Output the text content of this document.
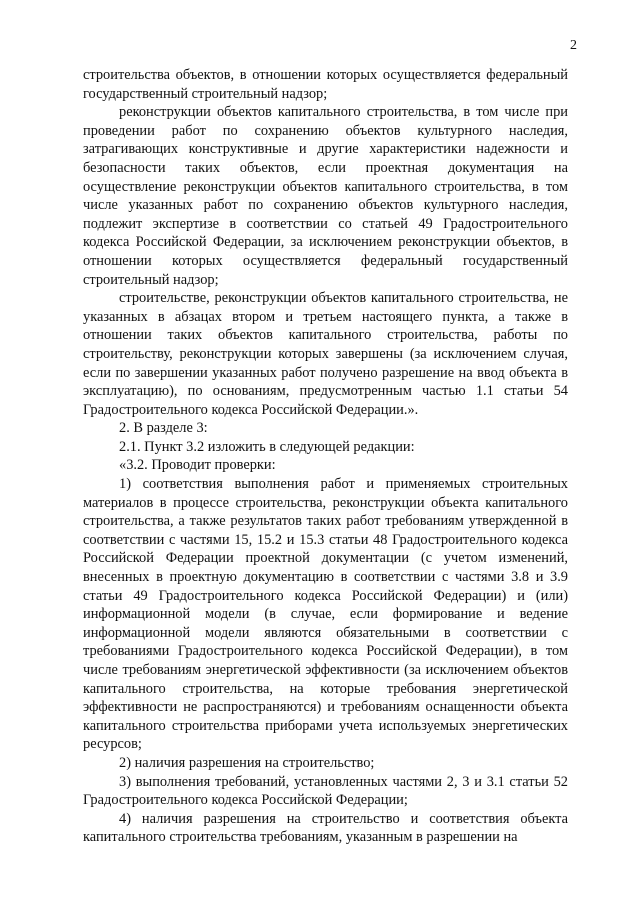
2

строительства объектов, в отношении которых осуществляется федеральный государственный строительный надзор;

реконструкции объектов капитального строительства, в том числе при проведении работ по сохранению объектов культурного наследия, затрагивающих конструктивные и другие характеристики надежности и безопасности таких объектов, если проектная документация на осуществление реконструкции объектов капитального строительства, в том числе указанных работ по сохранению объектов культурного наследия, подлежит экспертизе в соответствии со статьей 49 Градостроительного кодекса Российской Федерации, за исключением реконструкции объектов, в отношении которых осуществляется федеральный государственный строительный надзор;

строительстве, реконструкции объектов капитального строительства, не указанных в абзацах втором и третьем настоящего пункта, а также в отношении таких объектов капитального строительства, работы по строительству, реконструкции которых завершены (за исключением случая, если по завершении указанных работ получено разрешение на ввод объекта в эксплуатацию), по основаниям, предусмотренным частью 1.1 статьи 54 Градостроительного кодекса Российской Федерации.».

2. В разделе 3:

2.1. Пункт 3.2 изложить в следующей редакции:

«3.2. Проводит проверки:

1) соответствия выполнения работ и применяемых строительных материалов в процессе строительства, реконструкции объекта капитального строительства, а также результатов таких работ требованиям утвержденной в соответствии с частями 15, 15.2 и 15.3 статьи 48 Градостроительного кодекса Российской Федерации проектной документации (с учетом изменений, внесенных в проектную документацию в соответствии с частями 3.8 и 3.9 статьи 49 Градостроительного кодекса Российской Федерации) и (или) информационной модели (в случае, если формирование и ведение информационной модели являются обязательными в соответствии с требованиями Градостроительного кодекса Российской Федерации), в том числе требованиям энергетической эффективности (за исключением объектов капитального строительства, на которые требования энергетической эффективности не распространяются) и требованиям оснащенности объекта капитального строительства приборами учета используемых энергетических ресурсов;

2) наличия разрешения на строительство;

3) выполнения требований, установленных частями 2, 3 и 3.1 статьи 52 Градостроительного кодекса Российской Федерации;

4) наличия разрешения на строительство и соответствия объекта капитального строительства требованиям, указанным в разрешении на
